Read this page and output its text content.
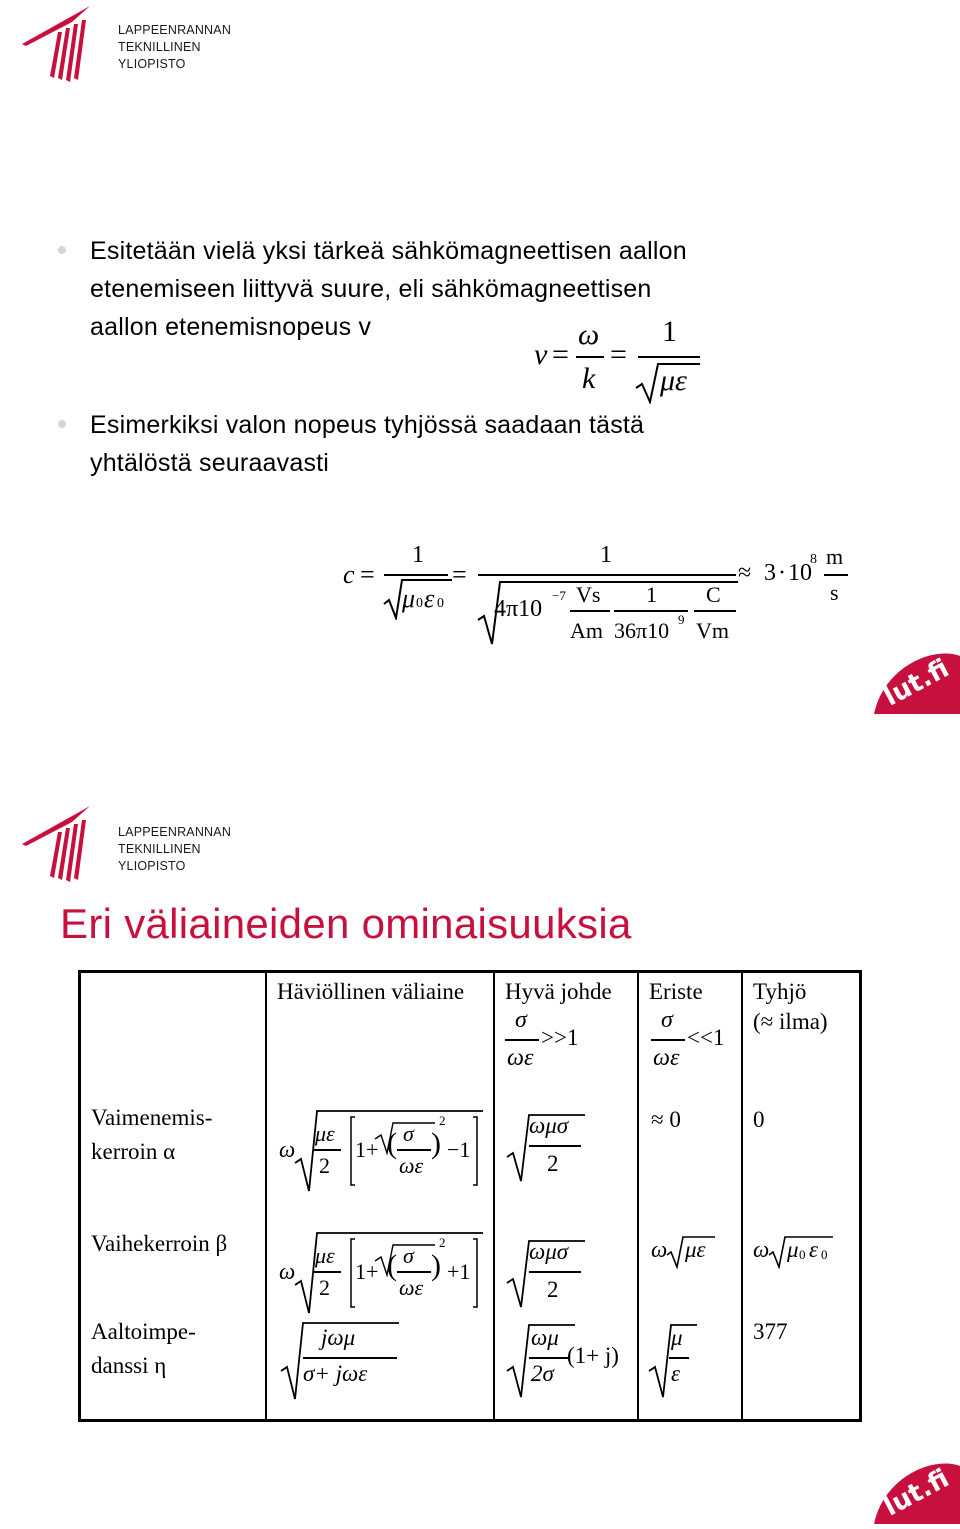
LAPPEENRANNAN
TEKNILLINEN YLIOPISTO
Esitetään vielä yksi tärkeä sähkömagneettisen aallon
etenemiseen liittyvä suure, eli sähkömagneettisen
aallon etenemisnopeus v
v =
ω
k
=
1
με
Esimerkiksi valon nopeus tyhjössä saadaan tästä
yhtälöstä seuraavasti
c =
1
μ 0 ε 0
=
1
4π10
−7 Vs
Am
1
36π10 9
C
Vm
≈ 3 · 10
8 m
s
lut.fi
LAPPEENRANNAN
TEKNILLINEN YLIOPISTO
Eri väliaineiden ominaisuuksia
Häviöllinen väliaine Hyvä johde
σ
ωε
>>1
Eriste
σ
ωε
<<1
Tyhjö
(≈ ilma)
Vaimenemis-
kerroin α	ω
με
2
1+ ( σ
ωε
)
2
−1
ωμσ
2
≈ 0	0
Vaihekerroin β
ω
με
2
1+ ( σ
ωε
)
2
+1
ωμσ
2
ω με ω μ 0 ε 0
Aaltoimpe-
danssi η
jωμ
σ+ jωε
ωμ
2σ
(1+ j)
μ
ε
377
lut.fi
